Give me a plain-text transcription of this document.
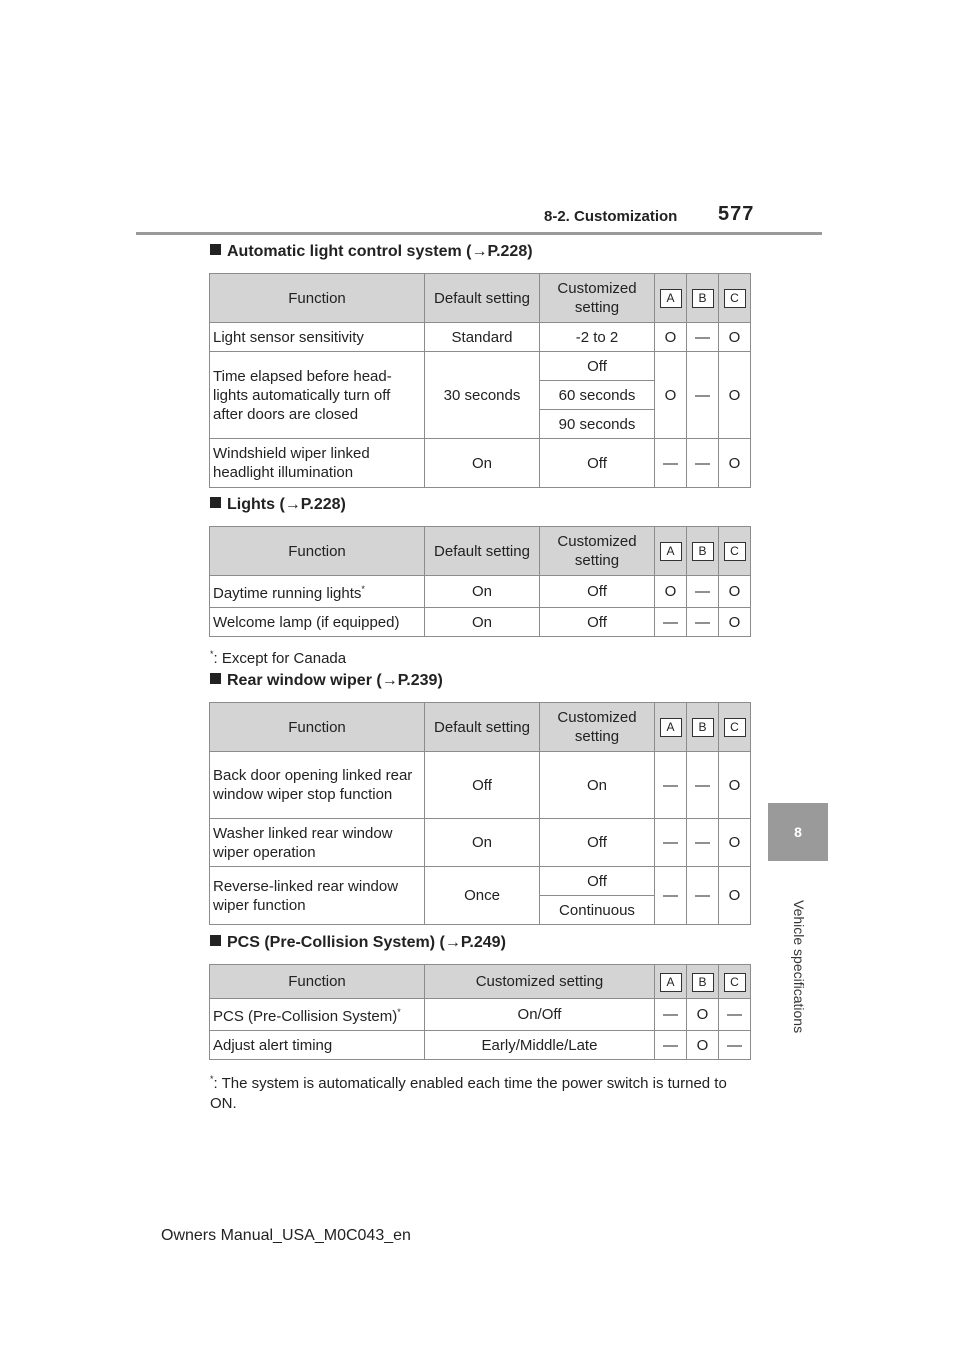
8-2. Customization 577
8
Vehicle specifications
Automatic light control system (→P.228)
Function	Default setting	Customized setting	A	B	C
Light sensor sensitivity	Standard	-2 to 2	O	—	O
Time elapsed before head-lights automatically turn off after doors are closed	30 seconds	Off	O	—	O
		60 seconds			
		90 seconds			
Windshield wiper linked headlight illumination	On	Off	—	—	O
Lights (→P.228)
Function	Default setting	Customized setting	A	B	C
Daytime running lights*	On	Off	O	—	O
Welcome lamp (if equipped)	On	Off	—	—	O
*: Except for Canada
Rear window wiper (→P.239)
Function	Default setting	Customized setting	A	B	C
Back door opening linked rear window wiper stop function	Off	On	—	—	O
Washer linked rear window wiper operation	On	Off	—	—	O
Reverse-linked rear window wiper function	Once	Off	—	—	O
		Continuous			
PCS (Pre-Collision System) (→P.249)
Function	Customized setting	A	B	C
PCS (Pre-Collision System)*	On/Off	—	O	—
Adjust alert timing	Early/Middle/Late	—	O	—
*: The system is automatically enabled each time the power switch is turned to ON.
Owners Manual_USA_M0C043_en
